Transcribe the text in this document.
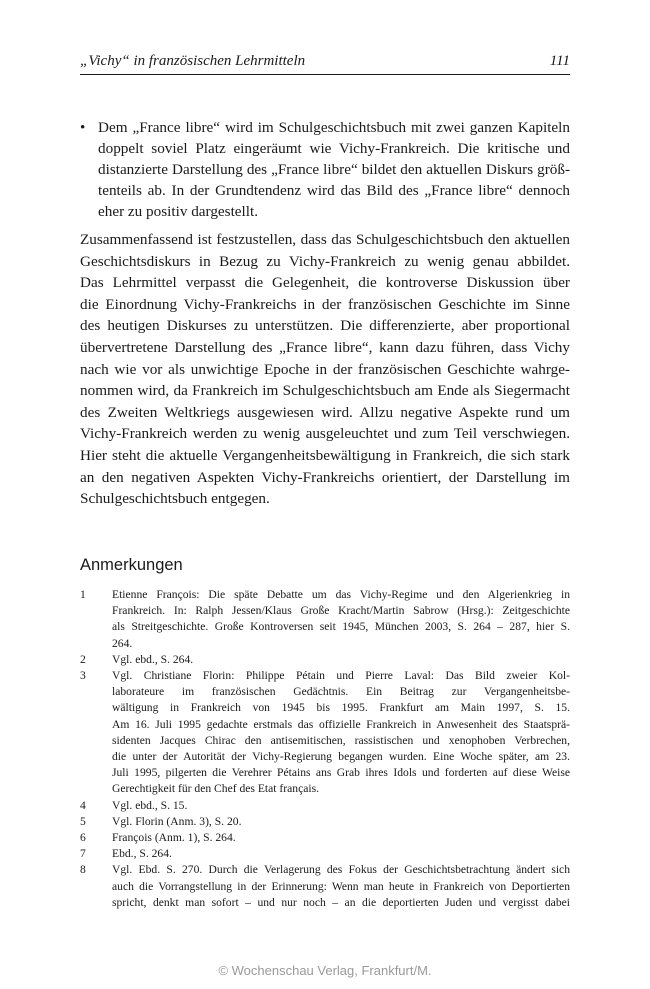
„Vichy“ in französischen Lehrmitteln	111
• Dem „France libre“ wird im Schulgeschichtsbuch mit zwei ganzen Kapiteln
doppelt soviel Platz eingeräumt wie Vichy-Frankreich. Die kritische und
distanzierte Darstellung des „France libre“ bildet den aktuellen Diskurs größ-
tenteils ab. In der Grundtendenz wird das Bild des „France libre“ dennoch
eher zu positiv dargestellt.
Zusammenfassend ist festzustellen, dass das Schulgeschichtsbuch den aktuellen
Geschichtsdiskurs in Bezug zu Vichy-Frankreich zu wenig genau abbildet.
Das Lehrmittel verpasst die Gelegenheit, die kontroverse Diskussion über
die Einordnung Vichy-Frankreichs in der französischen Geschichte im Sinne
des heutigen Diskurses zu unterstützen. Die differenzierte, aber proportional
übervertretene Darstellung des „France libre“, kann dazu führen, dass Vichy
nach wie vor als unwichtige Epoche in der französischen Geschichte wahrge-
nommen wird, da Frankreich im Schulgeschichtsbuch am Ende als Siegermacht
des Zweiten Weltkriegs ausgewiesen wird. Allzu negative Aspekte rund um
Vichy-Frankreich werden zu wenig ausgeleuchtet und zum Teil verschwiegen.
Hier steht die aktuelle Vergangenheitsbewältigung in Frankreich, die sich stark
an den negativen Aspekten Vichy-Frankreichs orientiert, der Darstellung im
Schulgeschichtsbuch entgegen.
Anmerkungen
1	Etienne François: Die späte Debatte um das Vichy-Regime und den Algerienkrieg in
Frankreich. In: Ralph Jessen/Klaus Große Kracht/Martin Sabrow (Hrsg.): Zeitgeschichte
als Streitgeschichte. Große Kontroversen seit 1945, München 2003, S. 264 – 287, hier S.
264.
2	Vgl. ebd., S. 264.
3	Vgl. Christiane Florin: Philippe Pétain und Pierre Laval: Das Bild zweier Kol-
laborateure im französischen Gedächtnis. Ein Beitrag zur Vergangenheitsbe-
wältigung in Frankreich von 1945 bis 1995. Frankfurt am Main 1997, S. 15.
Am 16. Juli 1995 gedachte erstmals das offizielle Frankreich in Anwesenheit des Staatsprä-
sidenten Jacques Chirac den antisemitischen, rassistischen und xenophoben Verbrechen,
die unter der Autorität der Vichy-Regierung begangen wurden. Eine Woche später, am 23.
Juli 1995, pilgerten die Verehrer Pétains ans Grab ihres Idols und forderten auf diese Weise
Gerechtigkeit für den Chef des Etat français.
4	Vgl. ebd., S. 15.
5	Vgl. Florin (Anm. 3), S. 20.
6	François (Anm. 1), S. 264.
7	Ebd., S. 264.
8	Vgl. Ebd. S. 270. Durch die Verlagerung des Fokus der Geschichtsbetrachtung ändert sich
auch die Vorrangstellung in der Erinnerung: Wenn man heute in Frankreich von Deportierten
spricht, denkt man sofort – und nur noch – an die deportierten Juden und vergisst dabei
© Wochenschau Verlag, Frankfurt/M.
